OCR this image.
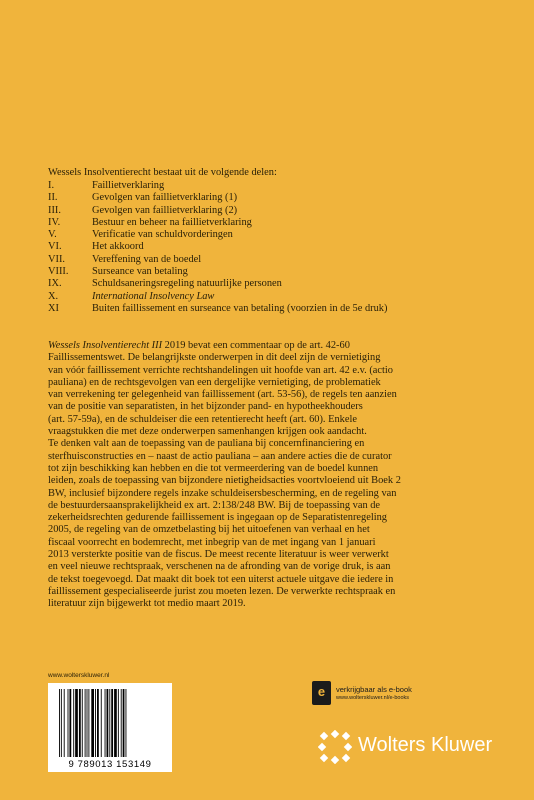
Wessels Insolventierecht bestaat uit de volgende delen:
I.	Faillietverklaring
II.	Gevolgen van faillietverklaring (1)
III.	Gevolgen van faillietverklaring (2)
IV.	Bestuur en beheer na faillietverklaring
V.	Verificatie van schuldvorderingen
VI.	Het akkoord
VII.	Vereffening van de boedel
VIII.	Surseance van betaling
IX.	Schuldsaneringsregeling natuurlijke personen
X.	International Insolvency Law
XI	Buiten faillissement en surseance van betaling (voorzien in de 5e druk)

Wessels Insolventierecht III 2019 bevat een commentaar op de art. 42-60

Faillissementswet. De belangrijkste onderwerpen in dit deel zijn de vernietiging

van vóór faillissement verrichte rechtshandelingen uit hoofde van art. 42 e.v. (actio

pauliana) en de rechtsgevolgen van een dergelijke vernietiging, de problematiek

van verrekening ter gelegenheid van faillissement (art. 53-56), de regels ten aanzien

van de positie van separatisten, in het bijzonder pand- en hypotheekhouders

(art. 57-59a), en de schuldeiser die een retentierecht heeft (art. 60). Enkele

vraagstukken die met deze onderwerpen samenhangen krijgen ook aandacht.

Te denken valt aan de toepassing van de pauliana bij concernfinanciering en

sterfhuisconstructies en – naast de actio pauliana – aan andere acties die de curator

tot zijn beschikking kan hebben en die tot vermeerdering van de boedel kunnen

leiden, zoals de toepassing van bijzondere nietigheidsacties voortvloeiend uit Boek 2

BW, inclusief bijzondere regels inzake schuldeisersbescherming, en de regeling van

de bestuurdersaansprakelijkheid ex art. 2:138/248 BW. Bij de toepassing van de

zekerheidsrechten gedurende faillissement is ingegaan op de Separatistenregeling

2005, de regeling van de omzetbelasting bij het uitoefenen van verhaal en het

fiscaal voorrecht en bodemrecht, met inbegrip van de met ingang van 1 januari

2013 versterkte positie van de fiscus. De meest recente literatuur is weer verwerkt

en veel nieuwe rechtspraak, verschenen na de afronding van de vorige druk, is aan

de tekst toegevoegd. Dat maakt dit boek tot een uiterst actuele uitgave die iedere in

faillissement gespecialiseerde jurist zou moeten lezen. De verwerkte rechtspraak en

literatuur zijn bijgewerkt tot medio maart 2019.

www.wolterskluwer.nl
9 789013 153149
e	verkrijgbaar als e-book
www.wolterskluwer.nl/e-books
Wolters Kluwer
